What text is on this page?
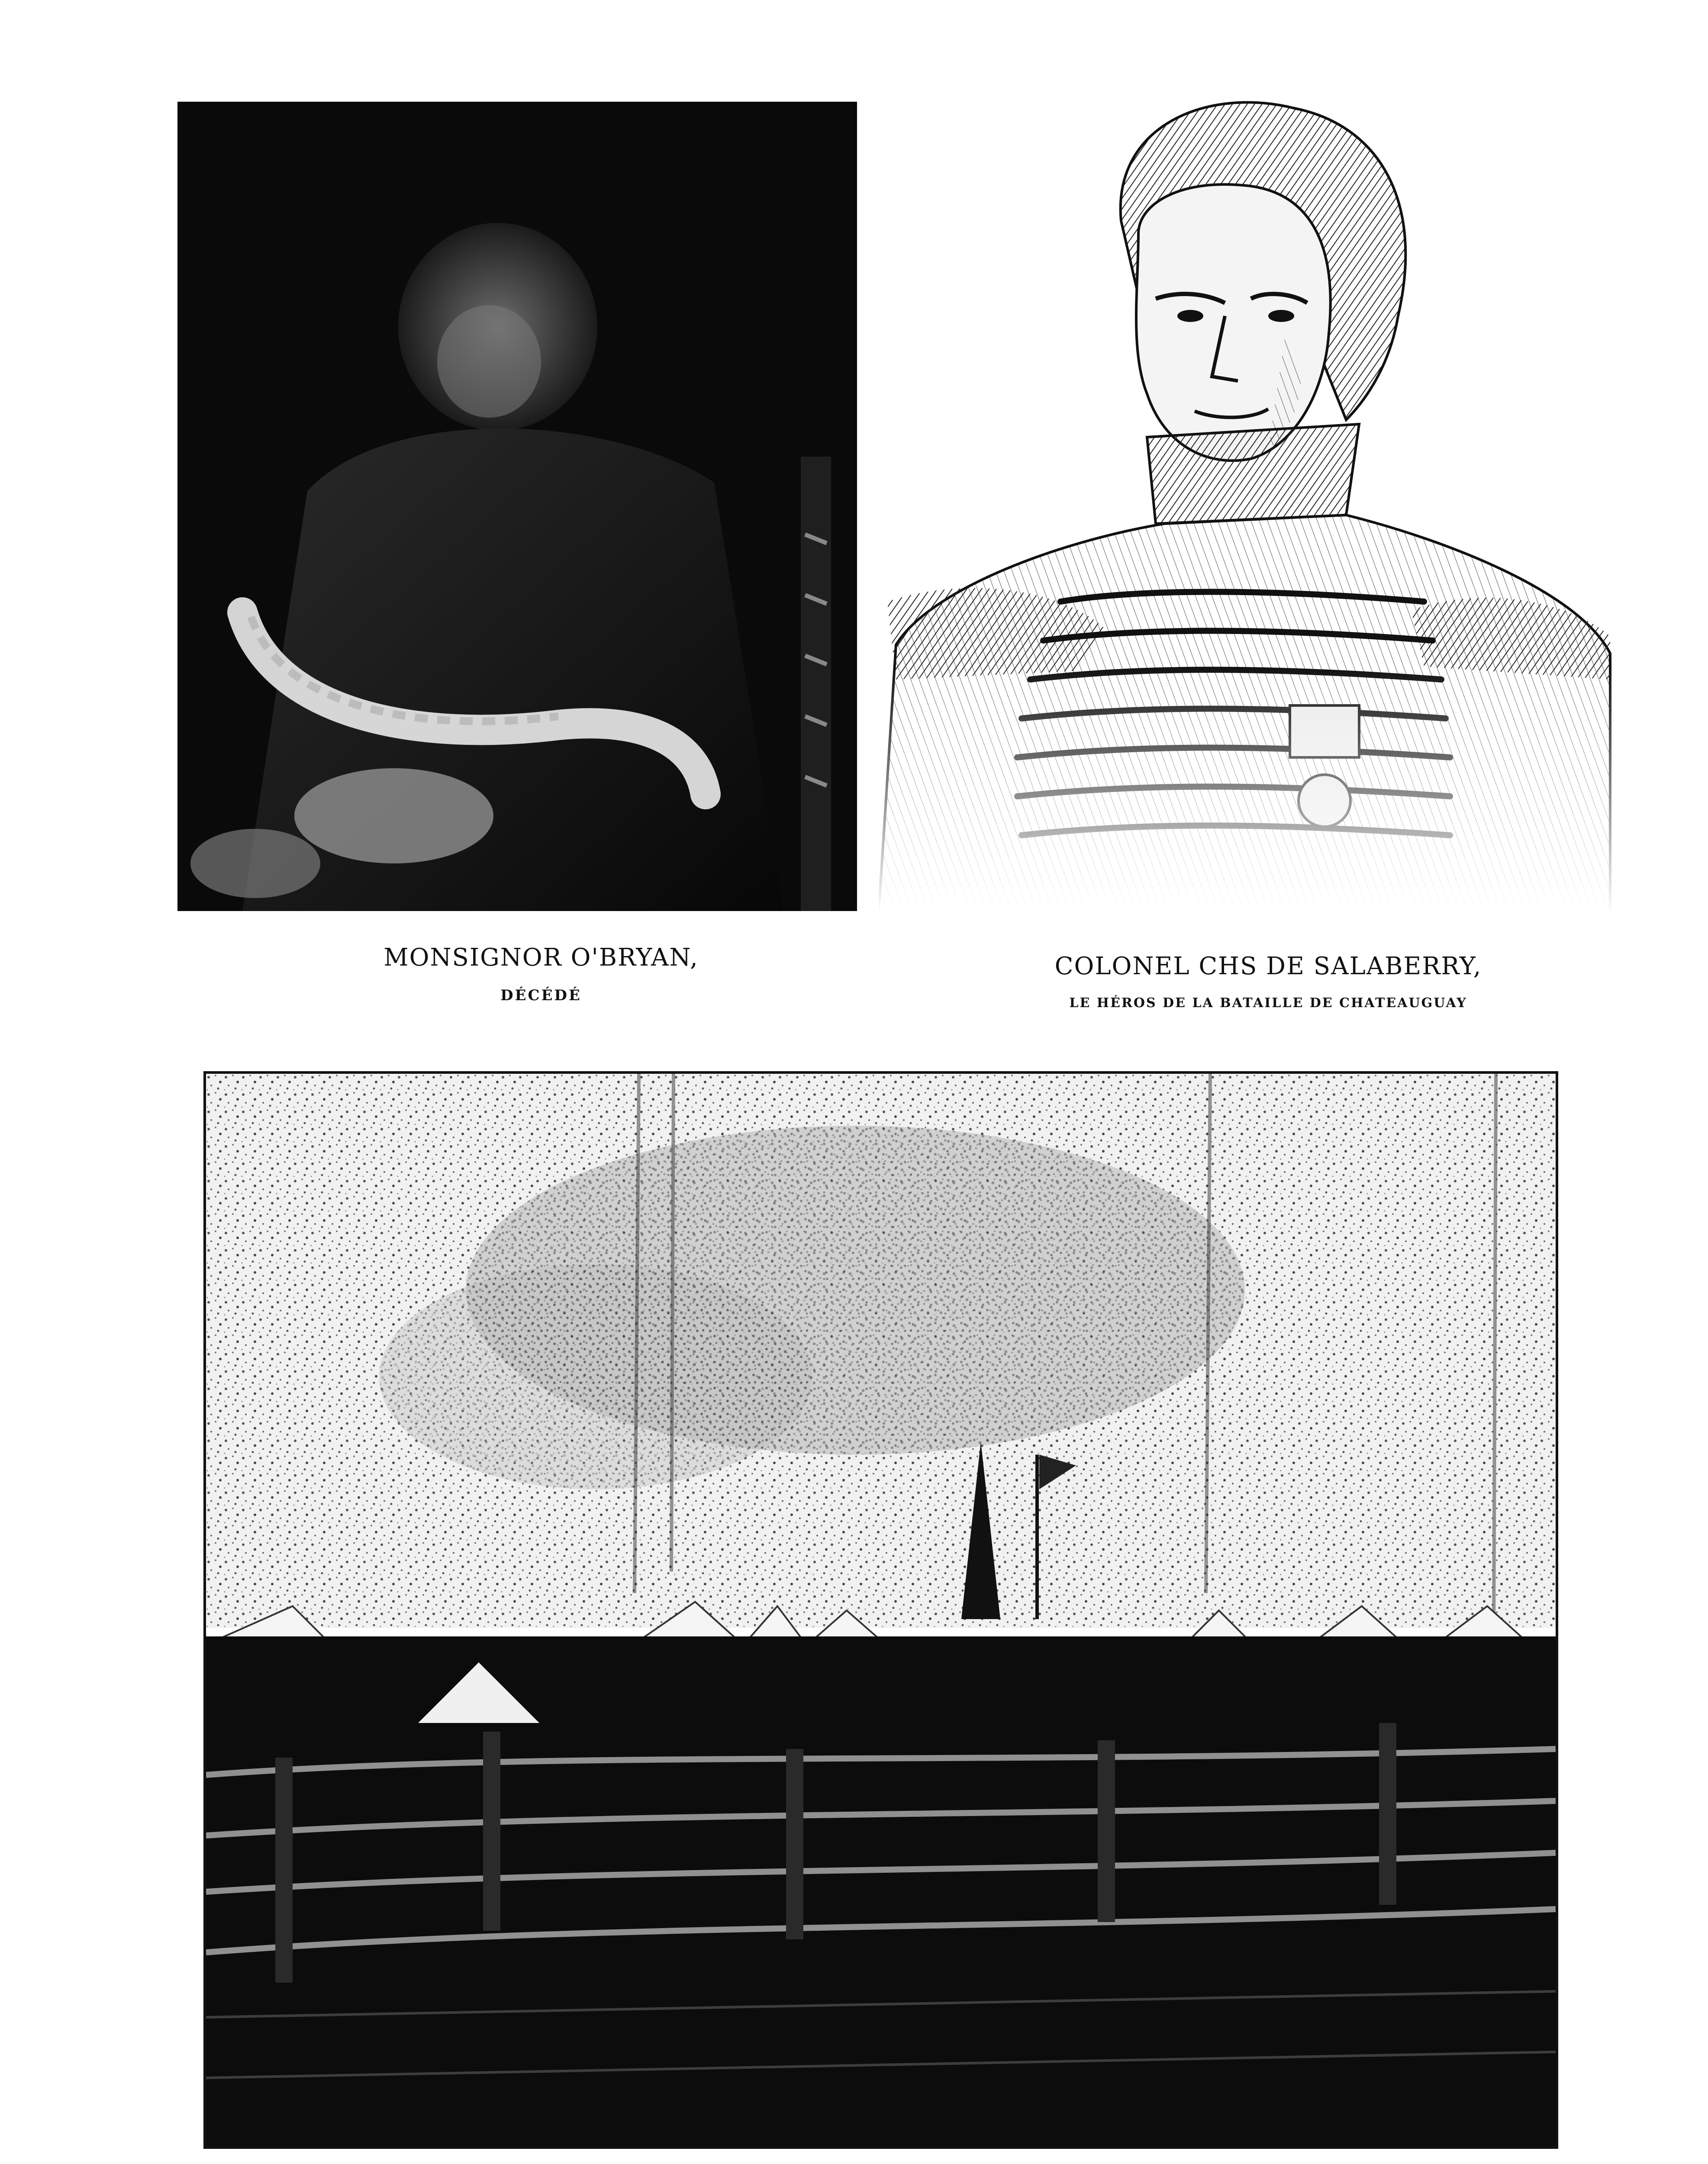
MONSIGNOR O'BRYAN,
DÉCÉDÉ
COLONEL CHS DE SALABERRY,
LE HÉROS DE LA BATAILLE DE CHATEAUGUAY
